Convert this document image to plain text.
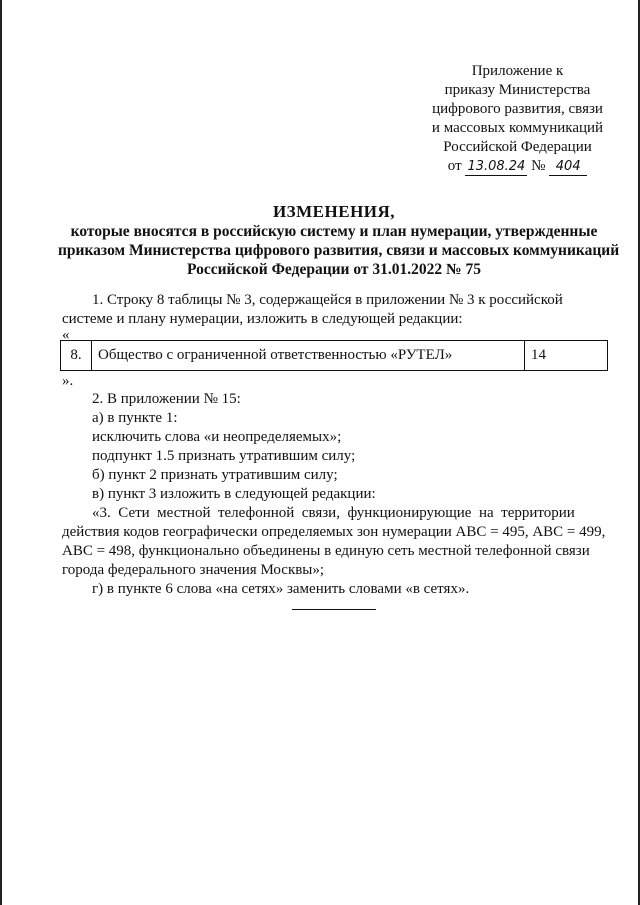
Приложение к
приказу Министерства
цифрового развития, связи
и массовых коммуникаций
Российской Федерации
от 13.08.24 № 404
ИЗМЕНЕНИЯ,
которые вносятся в российскую систему и план нумерации, утвержденные
приказом Министерства цифрового развития, связи и массовых коммуникаций
Российской Федерации от 31.01.2022 № 75
1. Строку 8 таблицы № 3, содержащейся в приложении № 3 к российской
системе и плану нумерации, изложить в следующей редакции:
«
8.	Общество с ограниченной ответственностью «РУТЕЛ»	14
».
2. В приложении № 15:
а) в пункте 1:
исключить слова «и неопределяемых»;
подпункт 1.5 признать утратившим силу;
б) пункт 2 признать утратившим силу;
в) пункт 3 изложить в следующей редакции:
«3.  Сети  местной  телефонной  связи,  функционирующие  на  территории
действия кодов географически определяемых зон нумерации АВС = 495, АВС = 499,
АВС = 498, функционально объединены в единую сеть местной телефонной связи
города федерального значения Москвы»;
г) в пункте 6 слова «на сетях» заменить словами «в сетях».
